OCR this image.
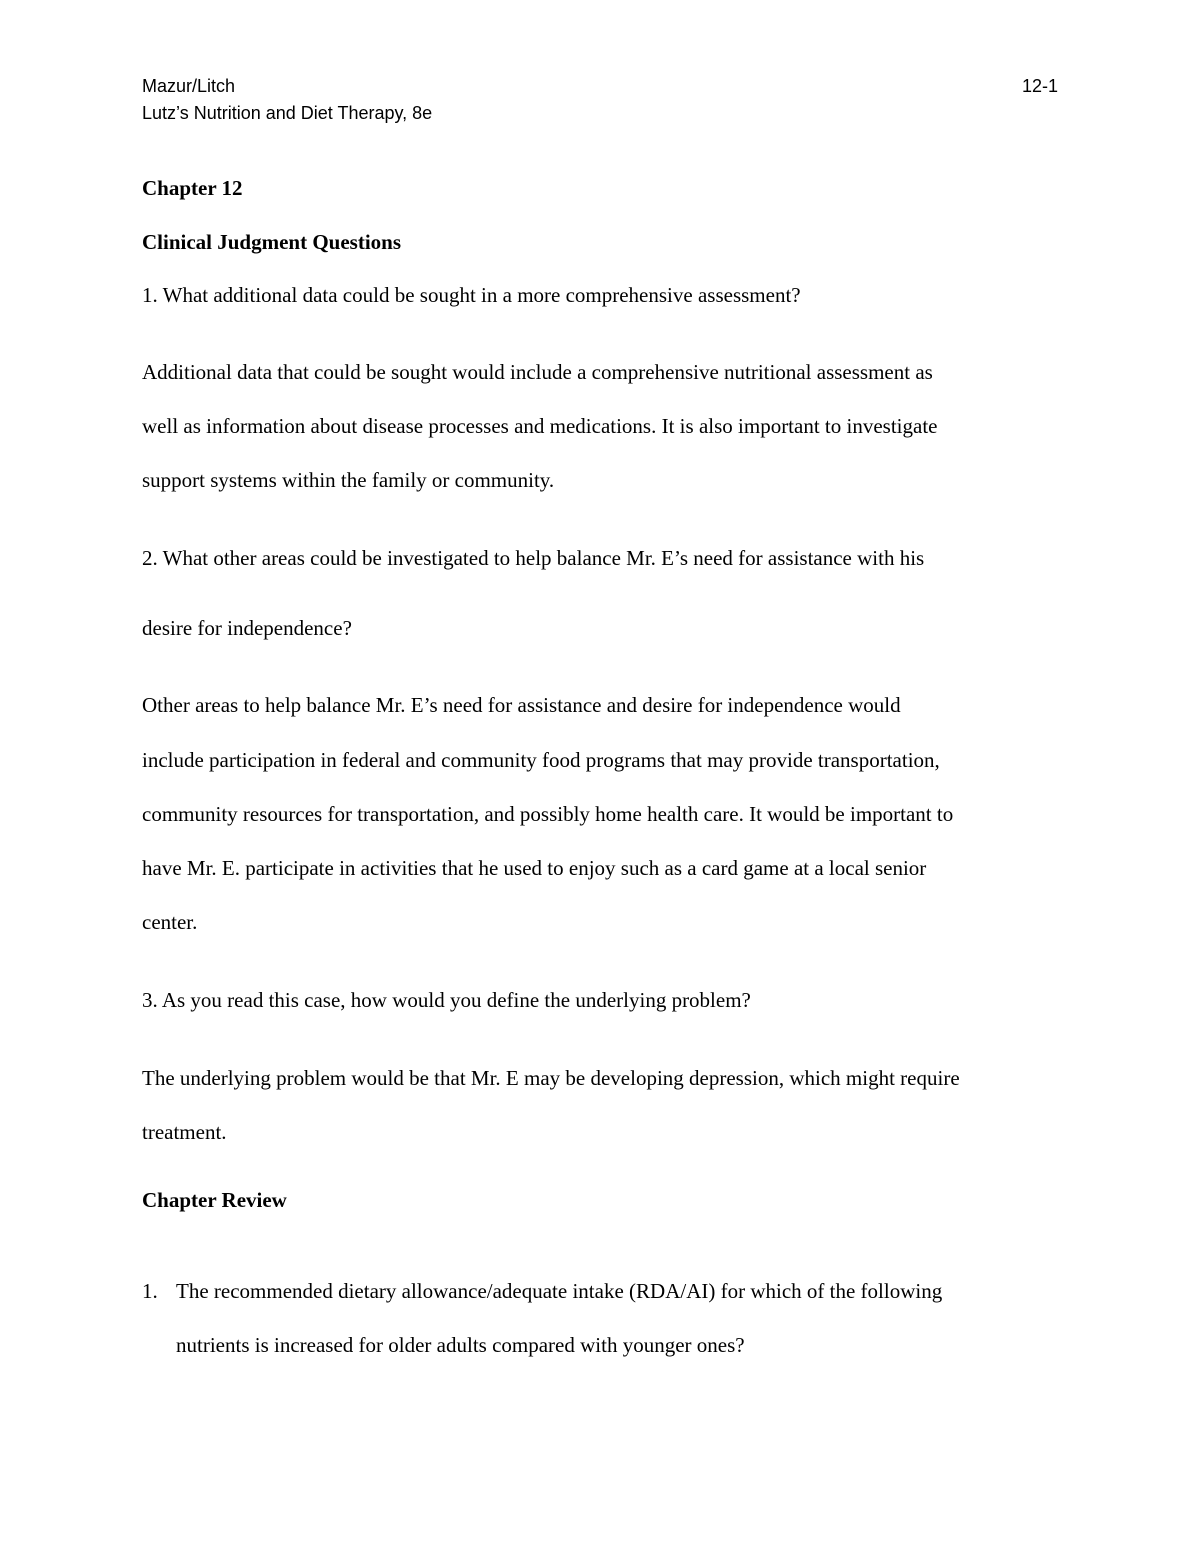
Mazur/Litch	12-1
Lutz’s Nutrition and Diet Therapy, 8e
Chapter 12
Clinical Judgment Questions
1. What additional data could be sought in a more comprehensive assessment?
Additional data that could be sought would include a comprehensive nutritional assessment as
well as information about disease processes and medications. It is also important to investigate
support systems within the family or community.
2. What other areas could be investigated to help balance Mr. E’s need for assistance with his
desire for independence?
Other areas to help balance Mr. E’s need for assistance and desire for independence would
include participation in federal and community food programs that may provide transportation,
community resources for transportation, and possibly home health care. It would be important to
have Mr. E. participate in activities that he used to enjoy such as a card game at a local senior
center.
3. As you read this case, how would you define the underlying problem?
The underlying problem would be that Mr. E may be developing depression, which might require
treatment.
Chapter Review
1. The recommended dietary allowance/adequate intake (RDA/AI) for which of the following
nutrients is increased for older adults compared with younger ones?
